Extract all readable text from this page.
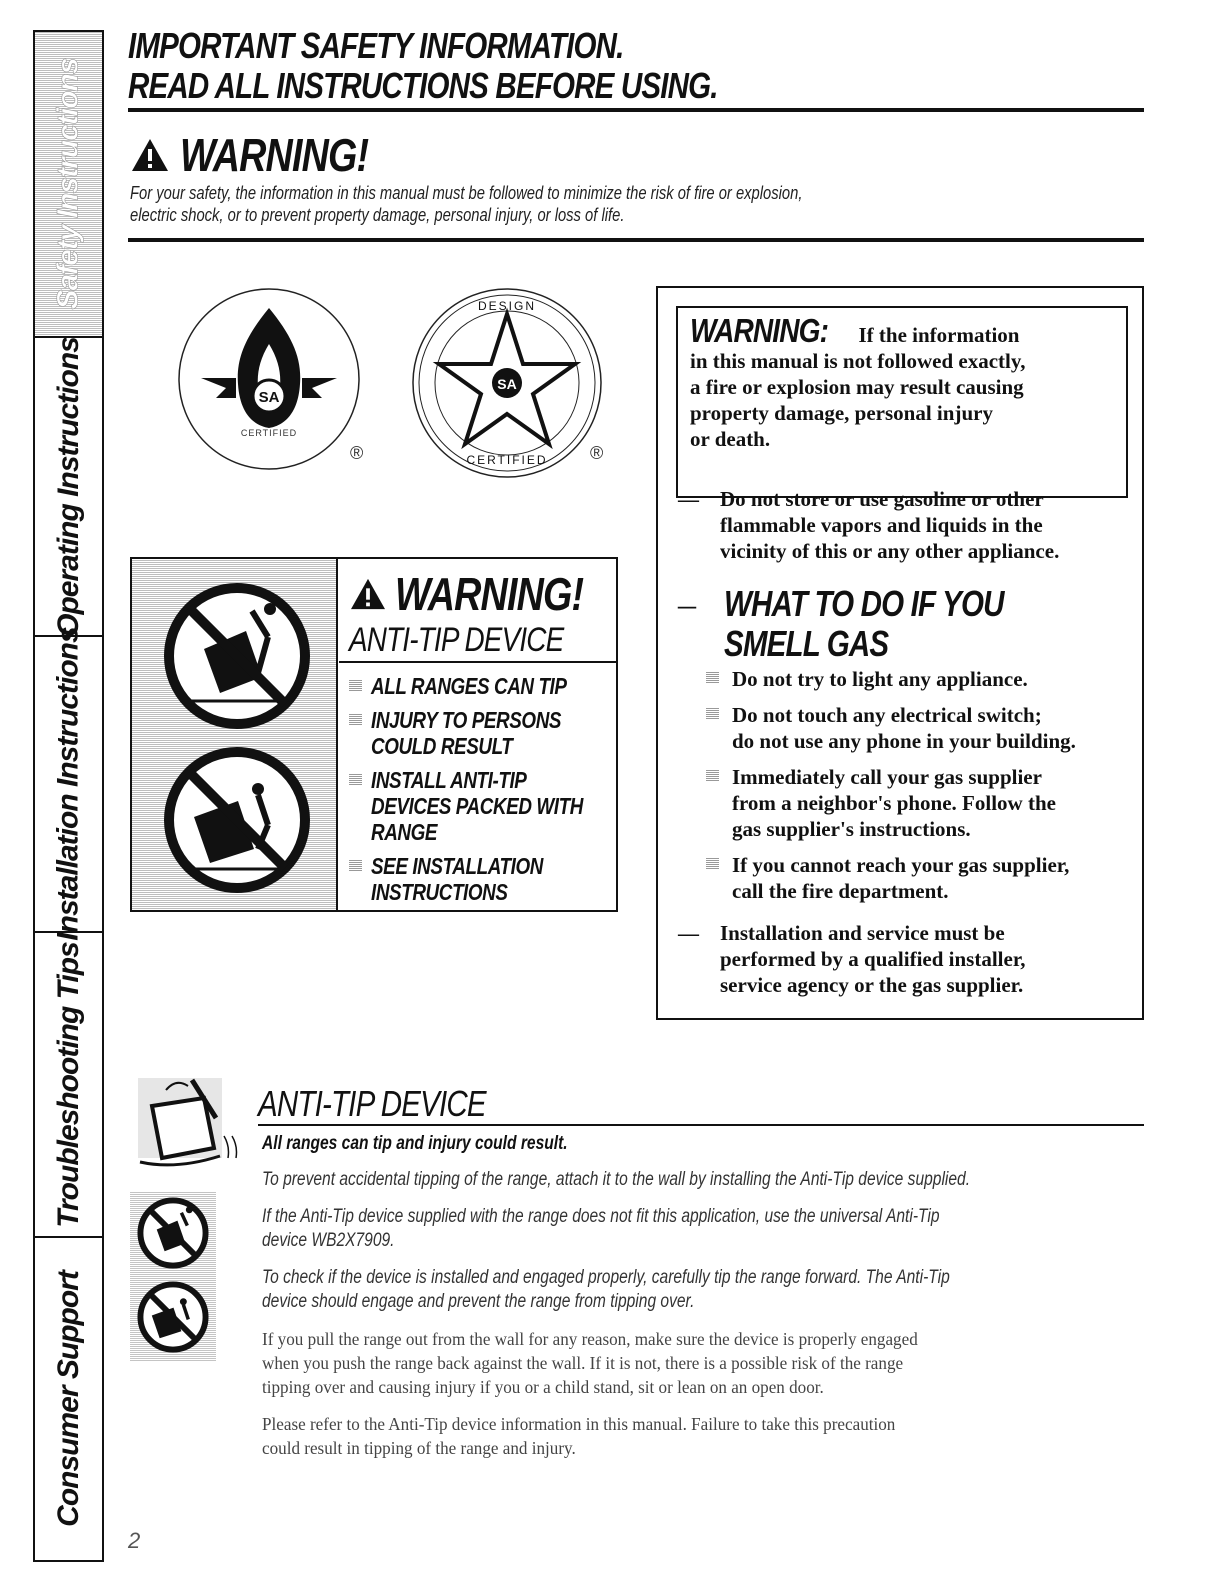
Safety Instructions
Operating Instructions
Installation Instructions
Troubleshooting Tips
Consumer Support
IMPORTANT SAFETY INFORMATION.
READ ALL INSTRUCTIONS BEFORE USING.
WARNING!
For your safety, the information in this manual must be followed to minimize the risk of fire or explosion,
electric shock, or to prevent property damage, personal injury, or loss of life.
SA
CERTIFIED
®
SA
DESIGN
CERTIFIED ®
WARNING!
ANTI-TIP DEVICE
ALL RANGES CAN TIP
INJURY TO PERSONS
COULD RESULT
INSTALL ANTI-TIP
DEVICES PACKED WITH
RANGE
SEE INSTALLATION
INSTRUCTIONS
WARNING: If the information
in this manual is not followed exactly,
a fire or explosion may result causing
property damage, personal injury
or death.
— Do not store or use gasoline or other
flammable vapors and liquids in the
vicinity of this or any other appliance.
– WHAT TO DO IF YOU
SMELL GAS
Do not try to light any appliance.
Do not touch any electrical switch;
do not use any phone in your building.
Immediately call your gas supplier
from a neighbor's phone. Follow the
gas supplier's instructions.
If you cannot reach your gas supplier,
call the fire department.
— Installation and service must be
performed by a qualified installer,
service agency or the gas supplier.
ANTI-TIP DEVICE
All ranges can tip and injury could result.

To prevent accidental tipping of the range, attach it to the wall by installing the Anti-Tip device supplied.

If the Anti-Tip device supplied with the range does not fit this application, use the universal Anti-Tip
device WB2X7909.

To check if the device is installed and engaged properly, carefully tip the range forward. The Anti-Tip
device should engage and prevent the range from tipping over.

If you pull the range out from the wall for any reason, make sure the device is properly engaged
when you push the range back against the wall. If it is not, there is a possible risk of the range
tipping over and causing injury if you or a child stand, sit or lean on an open door.

Please refer to the Anti-Tip device information in this manual. Failure to take this precaution
could result in tipping of the range and injury.

2
